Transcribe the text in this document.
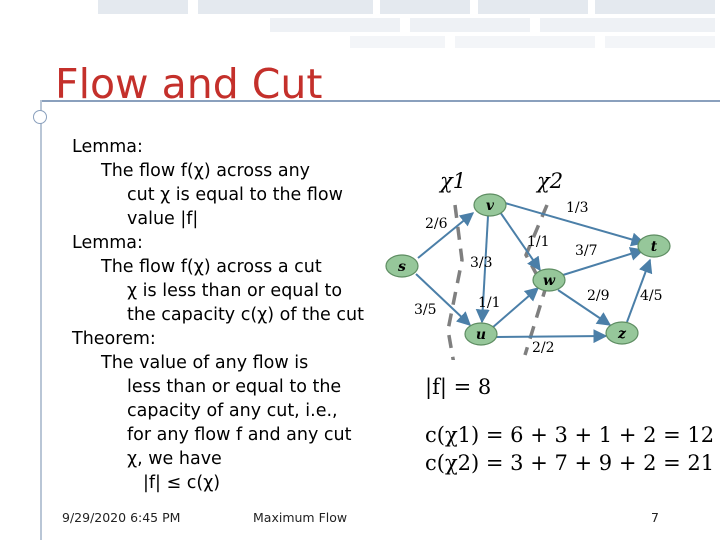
Flow and Cut
Lemma:
The flow f(χ) across any
cut χ is equal to the flow
value |f|
Lemma:
The flow f(χ) across a cut
χ is less than or equal to
the capacity c(χ) of the cut
Theorem:
The value of any flow is
less than or equal to the
capacity of any cut, i.e.,
for any flow f and any cut
χ, we have
|f| ≤ c(χ)
s
v
u
w
t
z
χ1	χ2
2/6
3/5
3/3
1/1
1/3
1/1
2/2
3/7
2/9 4/5
|f| = 8
c(χ1) = 6 + 3 + 1 + 2 = 12
c(χ2) = 3 + 7 + 9 + 2 = 21
9/29/2020 6:45 PM	Maximum Flow	7
